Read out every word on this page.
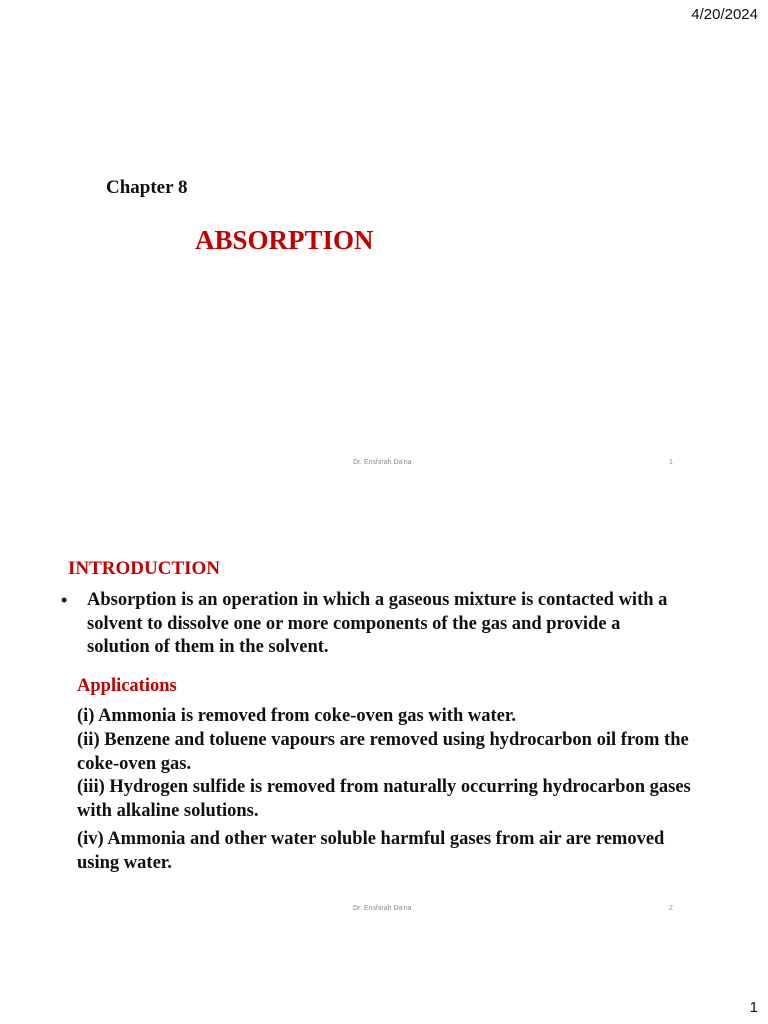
4/20/2024
Chapter 8
ABSORPTION
Dr. Enshirah Da'na	1
INTRODUCTION
• Absorption is an operation in which a gaseous mixture is contacted with a solvent to dissolve one or more components of the gas and provide a solution of them in the solvent.
Applications
(i) Ammonia is removed from coke-oven gas with water.
(ii) Benzene and toluene vapours are removed using hydrocarbon oil from the coke-oven gas.
(iii) Hydrogen sulfide is removed from naturally occurring hydrocarbon gases with alkaline solutions.
(iv) Ammonia and other water soluble harmful gases from air are removed using water.
Dr. Enshirah Da'na	2
1
